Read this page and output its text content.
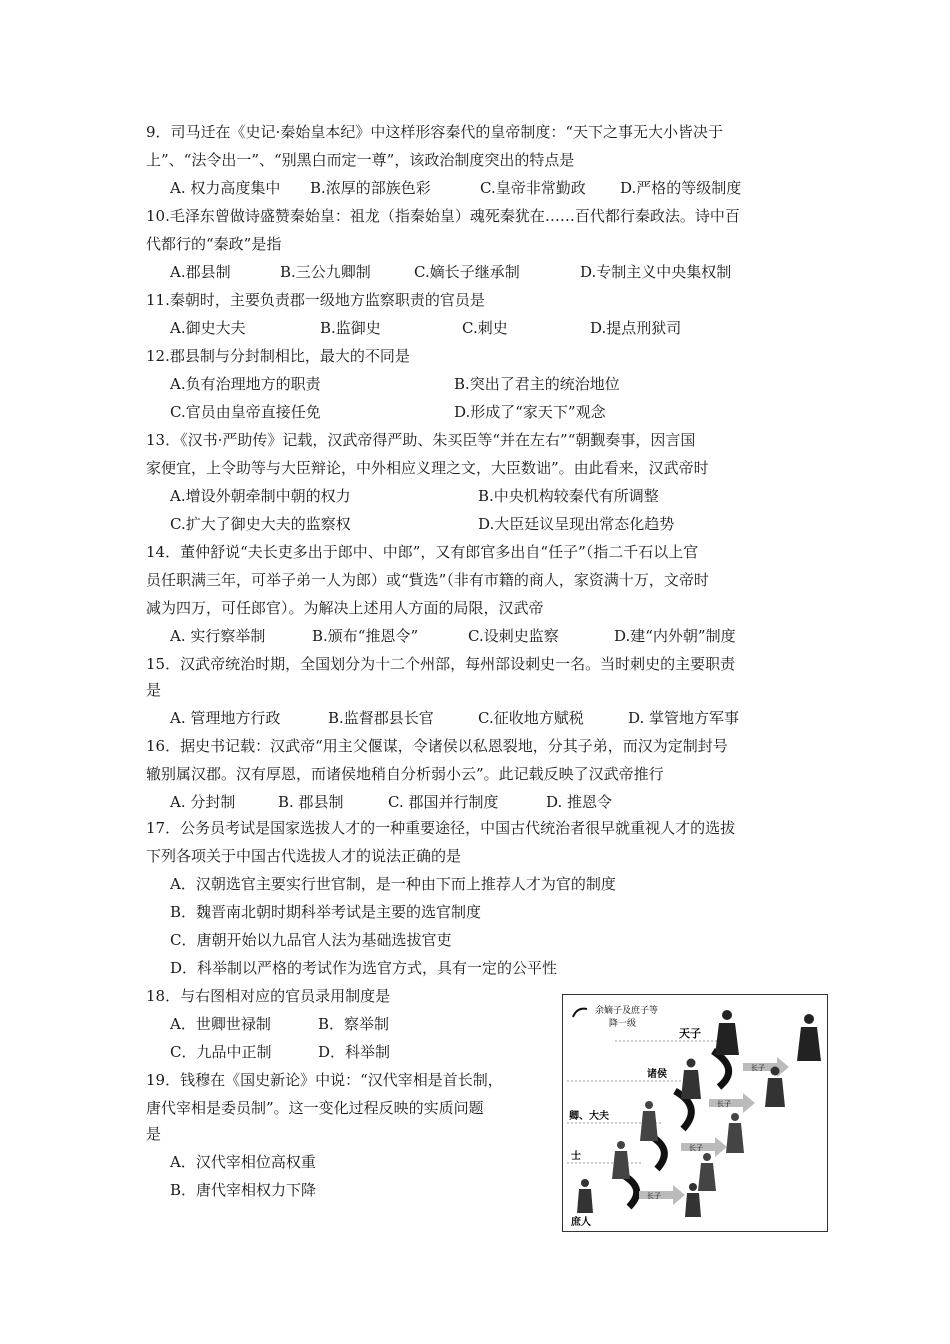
9．司马迁在《史记·秦始皇本纪》中这样形容秦代的皇帝制度：“天下之事无大小皆决于
上”、“法令出一”、“别黑白而定一尊”，该政治制度突出的特点是
A. 权力高度集中 B.浓厚的部族色彩	C.皇帝非常勤政 D.严格的等级制度
10.毛泽东曾做诗盛赞秦始皇：祖龙（指秦始皇）魂死秦犹在……百代都行秦政法。诗中百
代都行的“秦政”是指
A.郡县制	B.三公九卿制	C.嫡长子继承制	D.专制主义中央集权制
11.秦朝时，主要负责郡一级地方监察职责的官员是
A.御史大夫	B.监御史	C.刺史	D.提点刑狱司
12.郡县制与分封制相比，最大的不同是
A.负有治理地方的职责	B.突出了君主的统治地位
C.官员由皇帝直接任免	D.形成了“家天下”观念
13．《汉书·严助传》记载，汉武帝得严助、朱买臣等“并在左右”“朝觐奏事，因言国
家便宜，上令助等与大臣辩论，中外相应义理之文，大臣数诎”。由此看来，汉武帝时
A.增设外朝牵制中朝的权力	B.中央机构较秦代有所调整
C.扩大了御史大夫的监察权	D.大臣廷议呈现出常态化趋势
14．董仲舒说“夫长吏多出于郎中、中郎”，又有郎官多出自“任子”（指二千石以上官
员任职满三年，可举子弟一人为郎）或“貲选”（非有市籍的商人，家资满十万，文帝时
减为四万，可任郎官）。为解决上述用人方面的局限，汉武帝
A. 实行察举制	B.颁布“推恩令”	C.设刺史监察	D.建“内外朝”制度
15．汉武帝统治时期，全国划分为十二个州部，每州部设刺史一名。当时刺史的主要职责
是
A. 管理地方行政	B.监督郡县长官	C.征收地方赋税	D. 掌管地方军事
16．据史书记载：汉武帝“用主父偃谋，令诸侯以私恩裂地，分其子弟，而汉为定制封号
辙别属汉郡。汉有厚恩，而诸侯地稍自分析弱小云”。此记载反映了汉武帝推行
A. 分封制	B. 郡县制	C. 郡国并行制度	D. 推恩令
17．公务员考试是国家选拔人才的一种重要途径，中国古代统治者很早就重视人才的选拔
下列各项关于中国古代选拔人才的说法正确的是
A．汉朝选官主要实行世官制，是一种由下而上推荐人才为官的制度
B．魏晋南北朝时期科举考试是主要的选官制度
C．唐朝开始以九品官人法为基础选拔官吏
D．科举制以严格的考试作为选官方式，具有一定的公平性
18．与右图相对应的官员录用制度是
A．世卿世禄制	B．察举制
C．九品中正制	D．科举制
19．钱穆在《国史新论》中说：“汉代宰相是首长制，
唐代宰相是委员制”。这一变化过程反映的实质问题
是
A．汉代宰相位高权重
B．唐代宰相权力下降
余嫡子及庶子等
降一级
天子
诸侯
卿、大夫
士
庶人
长子
长子
长子
长子
